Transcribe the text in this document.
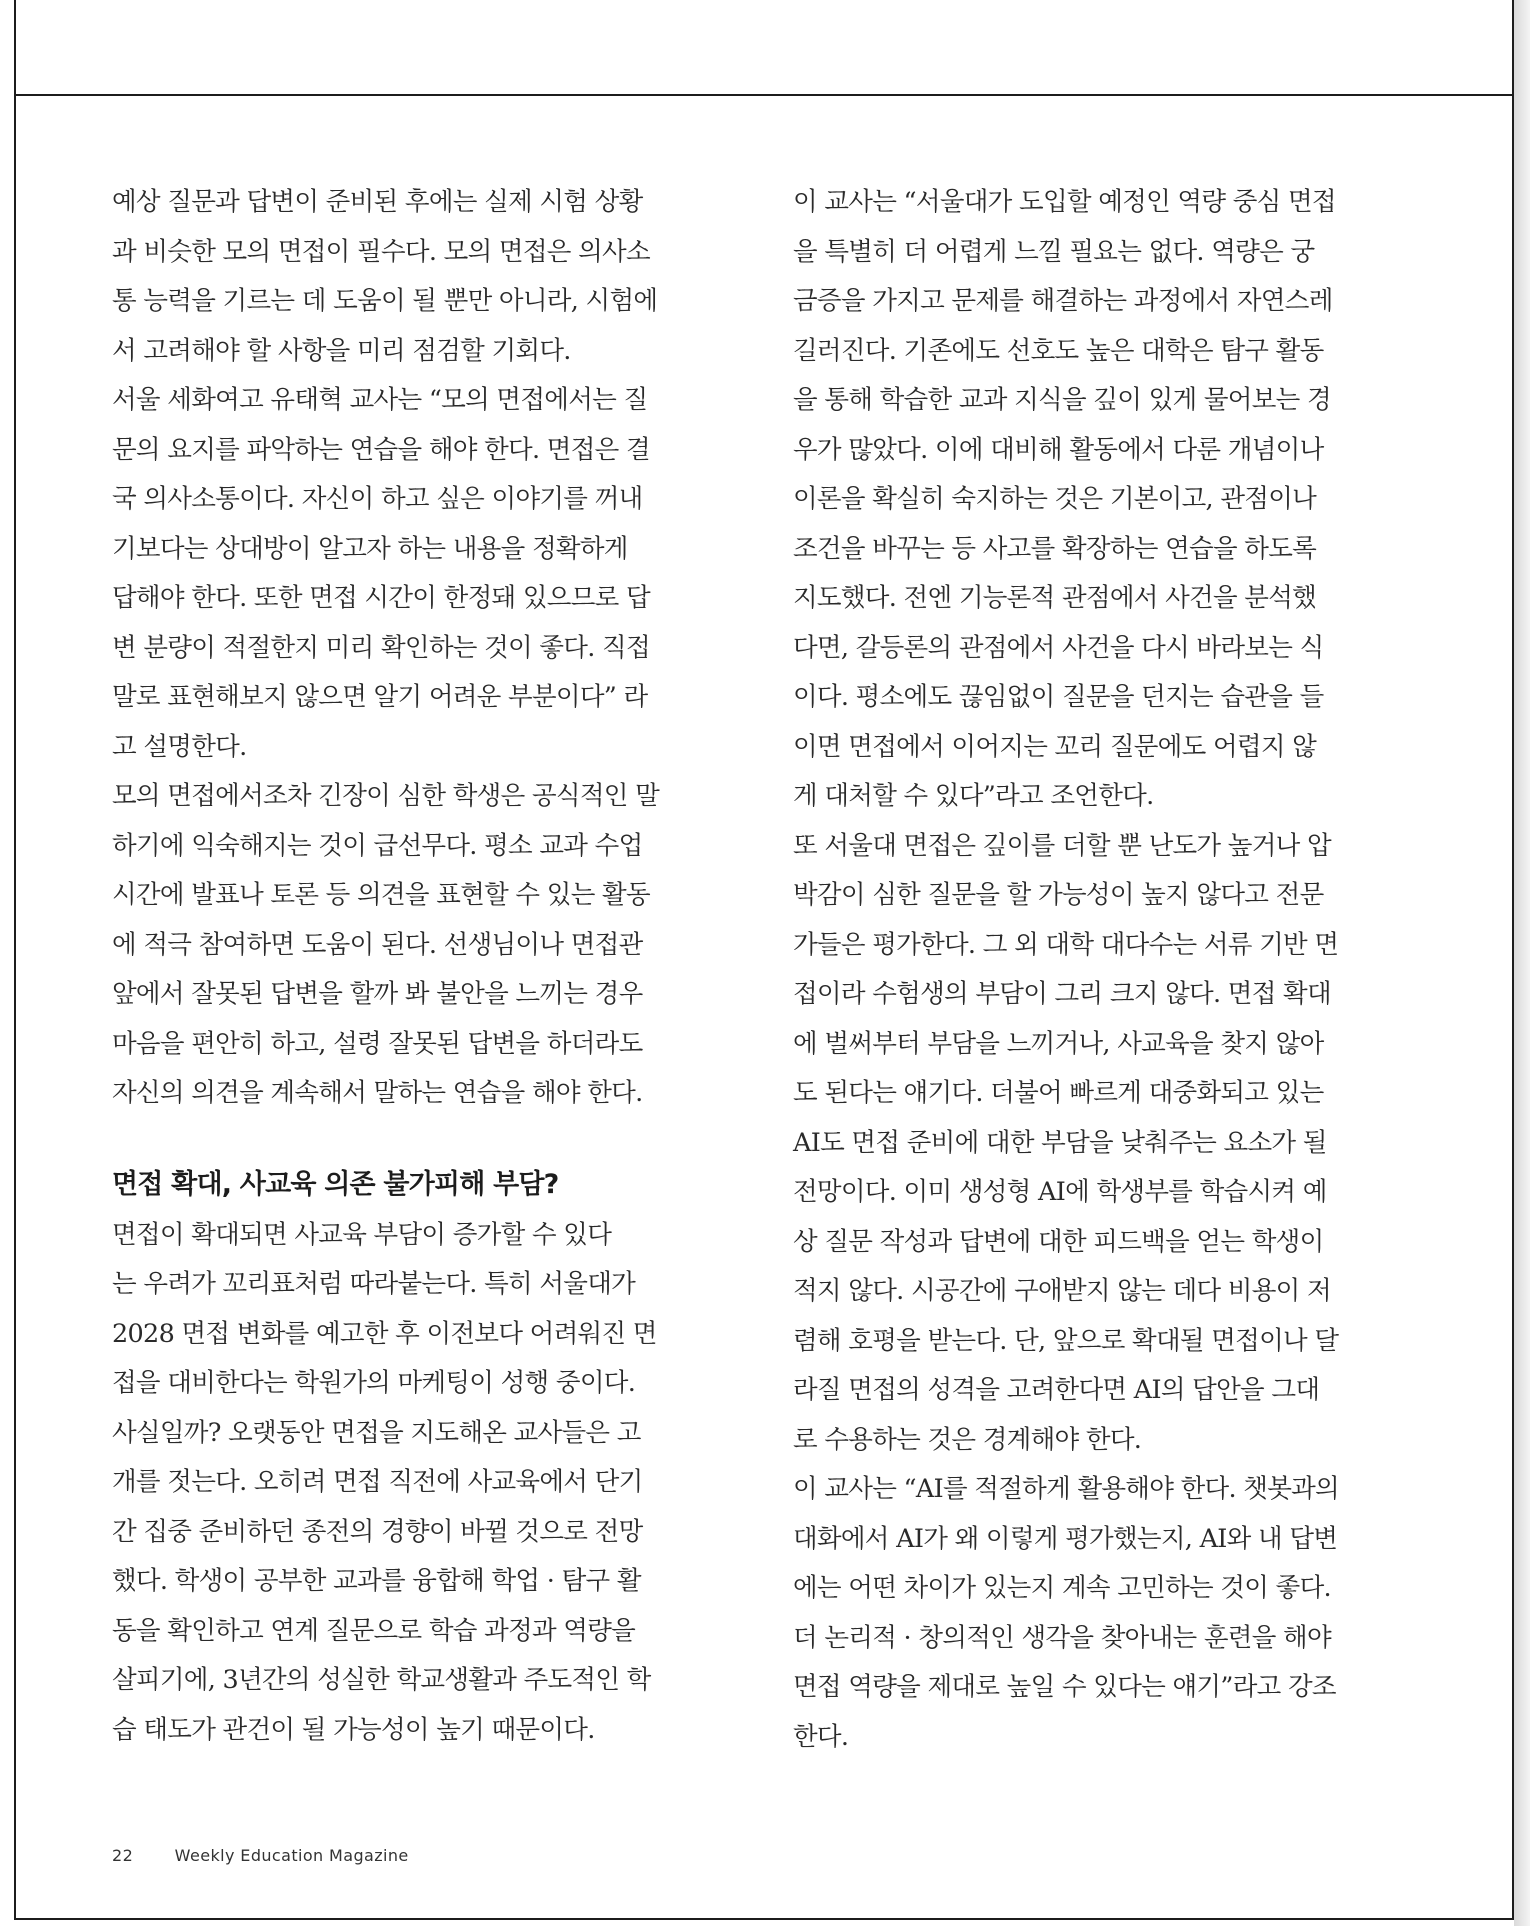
예상 질문과 답변이 준비된 후에는 실제 시험 상황
과 비슷한 모의 면접이 필수다. 모의 면접은 의사소
통 능력을 기르는 데 도움이 될 뿐만 아니라, 시험에
서 고려해야 할 사항을 미리 점검할 기회다.

서울 세화여고 유태혁 교사는 “모의 면접에서는 질
문의 요지를 파악하는 연습을 해야 한다. 면접은 결
국 의사소통이다. 자신이 하고 싶은 이야기를 꺼내
기보다는 상대방이 알고자 하는 내용을 정확하게
답해야 한다. 또한 면접 시간이 한정돼 있으므로 답
변 분량이 적절한지 미리 확인하는 것이 좋다. 직접
말로 표현해보지 않으면 알기 어려운 부분이다” 라
고 설명한다.

모의 면접에서조차 긴장이 심한 학생은 공식적인 말
하기에 익숙해지는 것이 급선무다. 평소 교과 수업
시간에 발표나 토론 등 의견을 표현할 수 있는 활동
에 적극 참여하면 도움이 된다. 선생님이나 면접관
앞에서 잘못된 답변을 할까 봐 불안을 느끼는 경우
마음을 편안히 하고, 설령 잘못된 답변을 하더라도
자신의 의견을 계속해서 말하는 연습을 해야 한다.

면접 확대, 사교육 의존 불가피해 부담?

면접이 확대되면 사교육 부담이 증가할 수 있다
는 우려가 꼬리표처럼 따라붙는다. 특히 서울대가
2028 면접 변화를 예고한 후 이전보다 어려워진 면
접을 대비한다는 학원가의 마케팅이 성행 중이다.
사실일까? 오랫동안 면접을 지도해온 교사들은 고
개를 젓는다. 오히려 면접 직전에 사교육에서 단기
간 집중 준비하던 종전의 경향이 바뀔 것으로 전망
했다. 학생이 공부한 교과를 융합해 학업 · 탐구 활
동을 확인하고 연계 질문으로 학습 과정과 역량을
살피기에, 3년간의 성실한 학교생활과 주도적인 학
습 태도가 관건이 될 가능성이 높기 때문이다.

이 교사는 “서울대가 도입할 예정인 역량 중심 면접
을 특별히 더 어렵게 느낄 필요는 없다. 역량은 궁
금증을 가지고 문제를 해결하는 과정에서 자연스레
길러진다. 기존에도 선호도 높은 대학은 탐구 활동
을 통해 학습한 교과 지식을 깊이 있게 물어보는 경
우가 많았다. 이에 대비해 활동에서 다룬 개념이나
이론을 확실히 숙지하는 것은 기본이고, 관점이나
조건을 바꾸는 등 사고를 확장하는 연습을 하도록
지도했다. 전엔 기능론적 관점에서 사건을 분석했
다면, 갈등론의 관점에서 사건을 다시 바라보는 식
이다. 평소에도 끊임없이 질문을 던지는 습관을 들
이면 면접에서 이어지는 꼬리 질문에도 어렵지 않
게 대처할 수 있다”라고 조언한다.

또 서울대 면접은 깊이를 더할 뿐 난도가 높거나 압
박감이 심한 질문을 할 가능성이 높지 않다고 전문
가들은 평가한다. 그 외 대학 대다수는 서류 기반 면
접이라 수험생의 부담이 그리 크지 않다. 면접 확대
에 벌써부터 부담을 느끼거나, 사교육을 찾지 않아
도 된다는 얘기다. 더불어 빠르게 대중화되고 있는
AI도 면접 준비에 대한 부담을 낮춰주는 요소가 될
전망이다. 이미 생성형 AI에 학생부를 학습시켜 예
상 질문 작성과 답변에 대한 피드백을 얻는 학생이
적지 않다. 시공간에 구애받지 않는 데다 비용이 저
렴해 호평을 받는다. 단, 앞으로 확대될 면접이나 달
라질 면접의 성격을 고려한다면 AI의 답안을 그대
로 수용하는 것은 경계해야 한다.

이 교사는 “AI를 적절하게 활용해야 한다. 챗봇과의
대화에서 AI가 왜 이렇게 평가했는지, AI와 내 답변
에는 어떤 차이가 있는지 계속 고민하는 것이 좋다.
더 논리적 · 창의적인 생각을 찾아내는 훈련을 해야
면접 역량을 제대로 높일 수 있다는 얘기”라고 강조
한다.

22	Weekly Education Magazine
